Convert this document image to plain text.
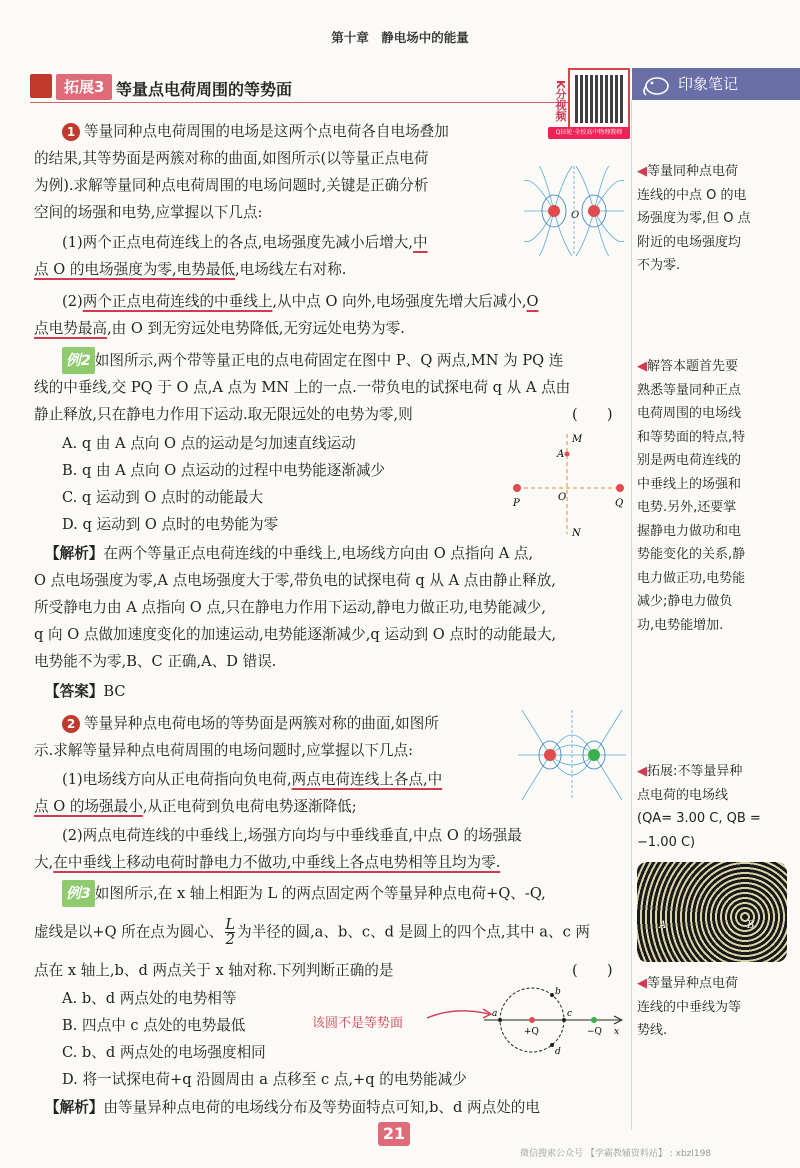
第十章　静电场中的能量
拓展3 等量点电荷周围的等势面	K分视频
Q拉轮·全校高中物理教师
印象笔记
1 等量同种点电荷周围的电场是这两个点电荷各自电场叠加
的结果,其等势面是两簇对称的曲面,如图所示(以等量正点电荷
为例).求解等量同种点电荷周围的电场问题时,关键是正确分析
空间的场强和电势,应掌握以下几点:
(1)两个正点电荷连线上的各点,电场强度先减小后增大,中
点 O 的电场强度为零,电势最低,电场线左右对称.
(2)两个正点电荷连线的中垂线上,从中点 O 向外,电场强度先增大后减小,O
点电势最高,由 O 到无穷远处电势降低,无穷远处电势为零.
O
例2 如图所示,两个带等量正电的点电荷固定在图中 P、Q 两点,MN 为 PQ 连
线的中垂线,交 PQ 于 O 点,A 点为 MN 上的一点.一带负电的试探电荷 q 从 A 点由
静止释放,只在静电力作用下运动.取无限远处的电势为零,则	(　　)
A. q 由 A 点向 O 点的运动是匀加速直线运动
B. q 由 A 点向 O 点运动的过程中电势能逐渐减少
C. q 运动到 O 点时的动能最大
D. q 运动到 O 点时的电势能为零
【解析】在两个等量正点电荷连线的中垂线上,电场线方向由 O 点指向 A 点,
O 点电场强度为零,A 点电场强度大于零,带负电的试探电荷 q 从 A 点由静止释放,
所受静电力由 A 点指向 O 点,只在静电力作用下运动,静电力做正功,电势能减少,
q 向 O 点做加速度变化的加速运动,电势能逐渐减少,q 运动到 O 点时的动能最大,
电势能不为零,B、C 正确,A、D 错误.
【答案】BC
M
A
P
O
Q
N
2 等量异种点电荷电场的等势面是两簇对称的曲面,如图所
示.求解等量异种点电荷周围的电场问题时,应掌握以下几点:
(1)电场线方向从正电荷指向负电荷,两点电荷连线上各点,中
点 O 的场强最小,从正电荷到负电荷电势逐渐降低;
(2)两点电荷连线的中垂线上,场强方向均与中垂线垂直,中点 O 的场强最
大,在中垂线上移动电荷时静电力不做功,中垂线上各点电势相等且均为零.
例3 如图所示,在 x 轴上相距为 L 的两点固定两个等量异种点电荷+Q、-Q,
虚线是以+Q 所在点为圆心、 $\frac{L}{2}$ 为半径的圆,a、b、c、d 是圆上的四个点,其中 a、c 两
点在 x 轴上,b、d 两点关于 x 轴对称.下列判断正确的是	(　　)
A. b、d 两点处的电势相等
B. 四点中 c 点处的电势最低
C. b、d 两点处的电场强度相同
D. 将一试探电荷+q 沿圆周由 a 点移至 c 点,+q 的电势能减少
【解析】由等量异种点电荷的电场线分布及等势面特点可知,b、d 两点处的电
该圆不是等势面
a
b
c
d
+Q	−Q x
◀等量同种点电荷
连线的中点 O 的电
场强度为零,但 O 点
附近的电场强度均
不为零.
◀解答本题首先要
熟悉等量同种正点
电荷周围的电场线
和等势面的特点,特
别是两电荷连线的
中垂线上的场强和
电势.另外,还要掌
握静电力做功和电
势能变化的关系,静
电力做正功,电势能
减少;静电力做负
功,电势能增加.
◀拓展:不等量异种
点电荷的电场线
(QA= 3.00 C, QB =
−1.00 C)
A	B
◀等量异种点电荷
连线的中垂线为等
势线.
21
微信搜索公众号 【学霸教辅资料站】 : xbzl198
